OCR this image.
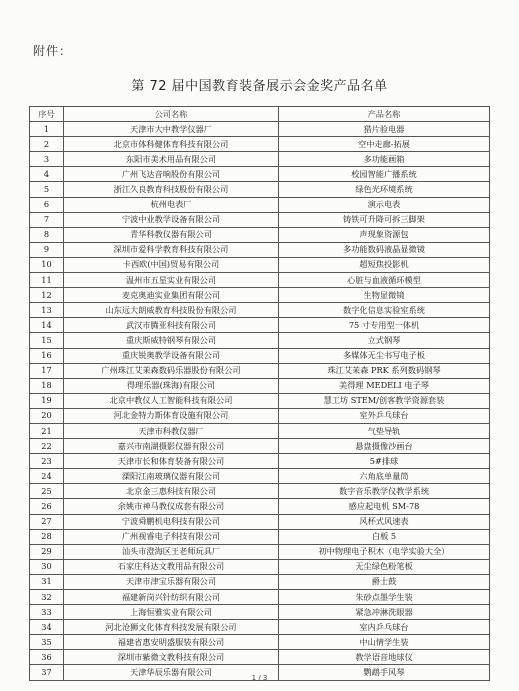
附件：
第 72 届中国教育装备展示会金奖产品名单
序号	公司名称	产品名称
1	天津市大中教学仪器厂	猎片验电器
2	北京市体科健体育科技有限公司	空中走廊-拓展
3	东阳市美术用品有限公司	多功能画箱
4	广州飞达音响股份有限公司	校园智能广播系统
5	浙江久良教育科技股份有限公司	绿色光环境系统
6	杭州电表厂	演示电表
7	宁波中业教学设备有限公司	铸铁可升降可拆三脚架
8	青华科教仪器有限公司	声现象资源包
9	深圳市爱科学教育科技有限公司	多功能数码液晶显微镜
10	卡西欧(中国)贸易有限公司	超短焦投影机
11	温州市五星实业有限公司	心脏与血液循环模型
12	麦克奥迪实业集团有限公司	生物显微镜
13	山东远大朗威教育科技股份有限公司	数字化信息实验室系统
14	武汉市腾亚科技有限公司	75 寸专用型一体机
15	重庆斯威特钢琴有限公司	立式钢琴
16	重庆锐奥教学设备有限公司	多媒体无尘书写电子板
17	广州珠江艾茉森数码乐器股份有限公司	珠江艾茉森 PRK 系列数码钢琴
18	得理乐器(珠海)有限公司	美得理 MEDELI 电子琴
19	北京中教仪人工智能科技有限公司	慧工坊 STEM/创客教学资源套装
20	河北金特力斯体育设施有限公司	室外乒乓球台
21	天津市科教仪器厂	气垫导轨
22	嘉兴市南湖摄影仪器有限公司	悬盘摄像沙画台
23	天津市长和体育装备有限公司	5#排球
24	溧阳江南玻璃仪器有限公司	六角底单量筒
25	北京金三惠科技有限公司	数字音乐教学仪教学系统
26	余姚市神马教仪成套有限公司	感应起电机 SM-78
27	宁波舜鹏机电科技有限公司	风杯式风速表
28	广州视睿电子科技有限公司	白板 5
29	汕头市澄海区王老师玩具厂	初中物理电子积木（电学实验大全）
30	石家庄科达文教用品有限公司	无尘绿色粉笔板
31	天津市津宝乐器有限公司	爵士鼓
32	福建新岗兴针纺织有限公司	朱砂点墨学生装
33	上海恒雅实业有限公司	紧急冲淋洗眼器
34	河北沧狮文化体育科技发展有限公司	室内乒乓球台
35	福建省惠安明盛服装有限公司	中山情学生装
36	深圳市紫微文教科技有限公司	教学语音地球仪
37	天津华辰乐器有限公司	鹦鹉手风琴
1 / 3
